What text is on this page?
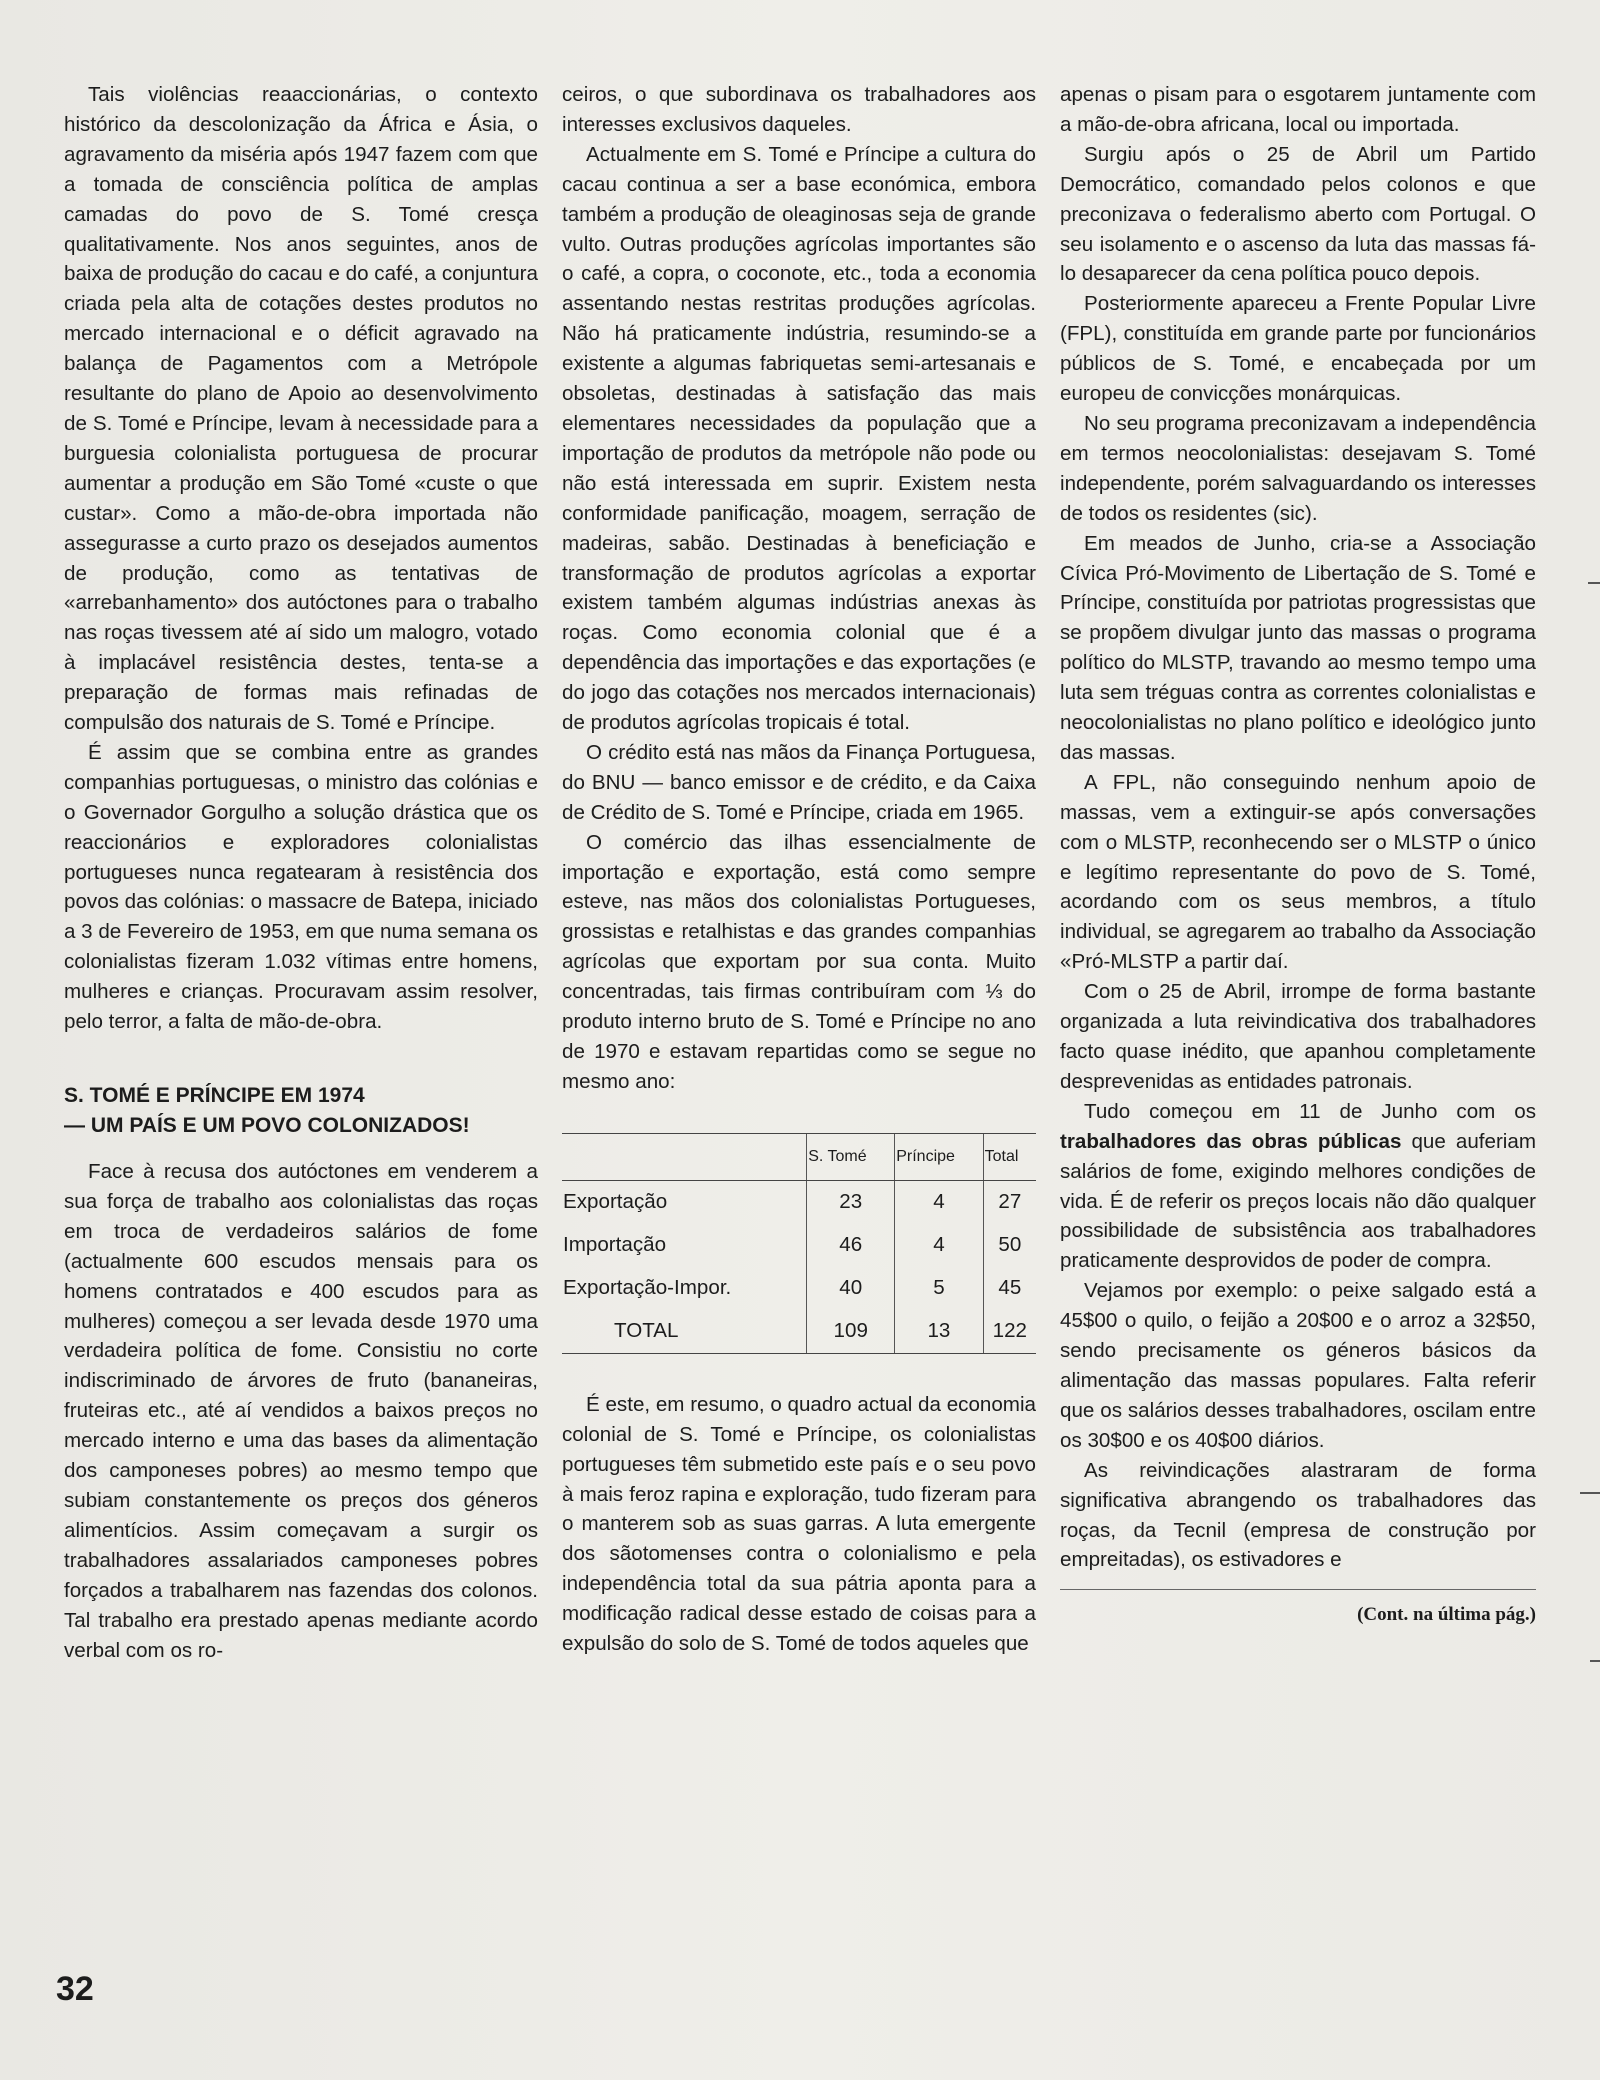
Tais violências reaaccionárias, o contexto histórico da descolonização da África e Ásia, o agravamento da miséria após 1947 fazem com que a tomada de consciência política de amplas camadas do povo de S. Tomé cresça qualitativamente. Nos anos seguintes, anos de baixa de produção do cacau e do café, a conjuntura criada pela alta de cotações destes produtos no mercado internacional e o déficit agravado na balança de Pagamentos com a Metrópole resultante do plano de Apoio ao desenvolvimento de S. Tomé e Príncipe, levam à necessidade para a burguesia colonialista portuguesa de procurar aumentar a produção em São Tomé «custe o que custar». Como a mão-de-obra importada não assegurasse a curto prazo os desejados aumentos de produção, como as tentativas de «arrebanhamento» dos autóctones para o trabalho nas roças tivessem até aí sido um malogro, votado à implacável resistência destes, tenta-se a preparação de formas mais refinadas de compulsão dos naturais de S. Tomé e Príncipe.

É assim que se combina entre as grandes companhias portuguesas, o ministro das colónias e o Governador Gorgulho a solução drástica que os reaccionários e exploradores colonialistas portugueses nunca regatearam à resistência dos povos das colónias: o massacre de Batepa, iniciado a 3 de Fevereiro de 1953, em que numa semana os colonialistas fizeram 1.032 vítimas entre homens, mulheres e crianças. Procuravam assim resolver, pelo terror, a falta de mão-de-obra.

S. TOMÉ E PRÍNCIPE EM 1974
— UM PAÍS E UM POVO COLONIZADOS!

Face à recusa dos autóctones em venderem a sua força de trabalho aos colonialistas das roças em troca de verdadeiros salários de fome (actualmente 600 escudos mensais para os homens contratados e 400 escudos para as mulheres) começou a ser levada desde 1970 uma verdadeira política de fome. Consistiu no corte indiscriminado de árvores de fruto (bananeiras, fruteiras etc., até aí vendidos a baixos preços no mercado interno e uma das bases da alimentação dos camponeses pobres) ao mesmo tempo que subiam constantemente os preços dos géneros alimentícios. Assim começavam a surgir os trabalhadores assalariados camponeses pobres forçados a trabalharem nas fazendas dos colonos. Tal trabalho era prestado apenas mediante acordo verbal com os ro-

ceiros, o que subordinava os trabalhadores aos interesses exclusivos daqueles.

Actualmente em S. Tomé e Príncipe a cultura do cacau continua a ser a base económica, embora também a produção de oleaginosas seja de grande vulto. Outras produções agrícolas importantes são o café, a copra, o coconote, etc., toda a economia assentando nestas restritas produções agrícolas. Não há praticamente indústria, resumindo-se a existente a algumas fabriquetas semi-artesanais e obsoletas, destinadas à satisfação das mais elementares necessidades da população que a importação de produtos da metrópole não pode ou não está interessada em suprir. Existem nesta conformidade panificação, moagem, serração de madeiras, sabão. Destinadas à beneficiação e transformação de produtos agrícolas a exportar existem também algumas indústrias anexas às roças. Como economia colonial que é a dependência das importações e das exportações (e do jogo das cotações nos mercados internacionais) de produtos agrícolas tropicais é total.

O crédito está nas mãos da Finança Portuguesa, do BNU — banco emissor e de crédito, e da Caixa de Crédito de S. Tomé e Príncipe, criada em 1965.

O comércio das ilhas essencialmente de importação e exportação, está como sempre esteve, nas mãos dos colonialistas Portugueses, grossistas e retalhistas e das grandes companhias agrícolas que exportam por sua conta. Muito concentradas, tais firmas contribuíram com ⅓ do produto interno bruto de S. Tomé e Príncipe no ano de 1970 e estavam repartidas como se segue no mesmo ano:

	S. Tomé	Príncipe	Total
Exportação	23	4	27
Importação	46	4	50
Exportação-Impor.	40	5	45
TOTAL	109	13	122

É este, em resumo, o quadro actual da economia colonial de S. Tomé e Príncipe, os colonialistas portugueses têm submetido este país e o seu povo à mais feroz rapina e exploração, tudo fizeram para o manterem sob as suas garras. A luta emergente dos sãotomenses contra o colonialismo e pela independência total da sua pátria aponta para a modificação radical desse estado de coisas para a expulsão do solo de S. Tomé de todos aqueles que

apenas o pisam para o esgotarem juntamente com a mão-de-obra africana, local ou importada.

Surgiu após o 25 de Abril um Partido Democrático, comandado pelos colonos e que preconizava o federalismo aberto com Portugal. O seu isolamento e o ascenso da luta das massas fá-lo desaparecer da cena política pouco depois.

Posteriormente apareceu a Frente Popular Livre (FPL), constituída em grande parte por funcionários públicos de S. Tomé, e encabeçada por um europeu de convicções monárquicas.

No seu programa preconizavam a independência em termos neocolonialistas: desejavam S. Tomé independente, porém salvaguardando os interesses de todos os residentes (sic).

Em meados de Junho, cria-se a Associação Cívica Pró-Movimento de Libertação de S. Tomé e Príncipe, constituída por patriotas progressistas que se propõem divulgar junto das massas o programa político do MLSTP, travando ao mesmo tempo uma luta sem tréguas contra as correntes colonialistas e neocolonialistas no plano político e ideológico junto das massas.

A FPL, não conseguindo nenhum apoio de massas, vem a extinguir-se após conversações com o MLSTP, reconhecendo ser o MLSTP o único e legítimo representante do povo de S. Tomé, acordando com os seus membros, a título individual, se agregarem ao trabalho da Associação «Pró-MLSTP a partir daí.

Com o 25 de Abril, irrompe de forma bastante organizada a luta reivindicativa dos trabalhadores facto quase inédito, que apanhou completamente desprevenidas as entidades patronais.

Tudo começou em 11 de Junho com os trabalhadores das obras públicas que auferiam salários de fome, exigindo melhores condições de vida. É de referir os preços locais não dão qualquer possibilidade de subsistência aos trabalhadores praticamente desprovidos de poder de compra.

Vejamos por exemplo: o peixe salgado está a 45$00 o quilo, o feijão a 20$00 e o arroz a 32$50, sendo precisamente os géneros básicos da alimentação das massas populares. Falta referir que os salários desses trabalhadores, oscilam entre os 30$00 e os 40$00 diários.

As reivindicações alastraram de forma significativa abrangendo os trabalhadores das roças, da Tecnil (empresa de construção por empreitadas), os estivadores e

(Cont. na última pág.)
32
